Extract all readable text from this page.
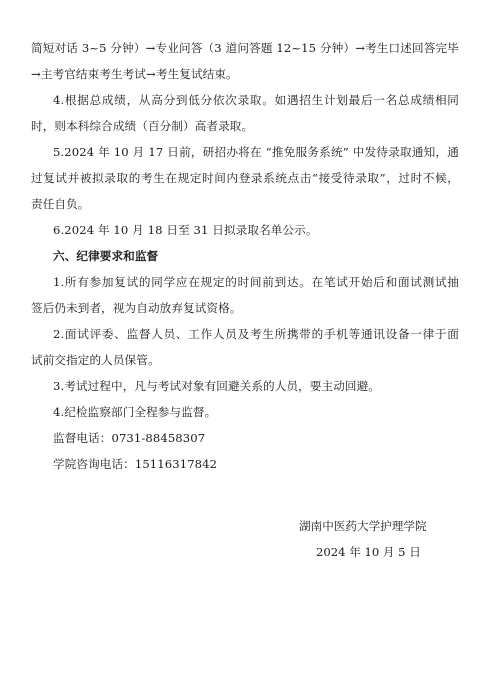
简短对话 3~5 分钟）→专业问答（3 道问答题 12~15 分钟）→考生口述回答完毕
→主考官结束考生考试→考生复试结束。
4.根据总成绩，从高分到低分依次录取。如遇招生计划最后一名总成绩相同
时，则本科综合成绩（百分制）高者录取。
5.2024 年 10 月 17 日前，研招办将在 “推免服务系统” 中发待录取通知，通
过复试并被拟录取的考生在规定时间内登录系统点击“接受待录取”，过时不候，
责任自负。
6.2024 年 10 月 18 日至 31 日拟录取名单公示。
六、纪律要求和监督
1.所有参加复试的同学应在规定的时间前到达。在笔试开始后和面试测试抽
签后仍未到者，视为自动放弃复试资格。
2.面试评委、监督人员、工作人员及考生所携带的手机等通讯设备一律于面
试前交指定的人员保管。
3.考试过程中，凡与考试对象有回避关系的人员，要主动回避。
4.纪检监察部门全程参与监督。
监督电话：0731-88458307
学院咨询电话：15116317842
湖南中医药大学护理学院
2024 年 10 月 5 日
